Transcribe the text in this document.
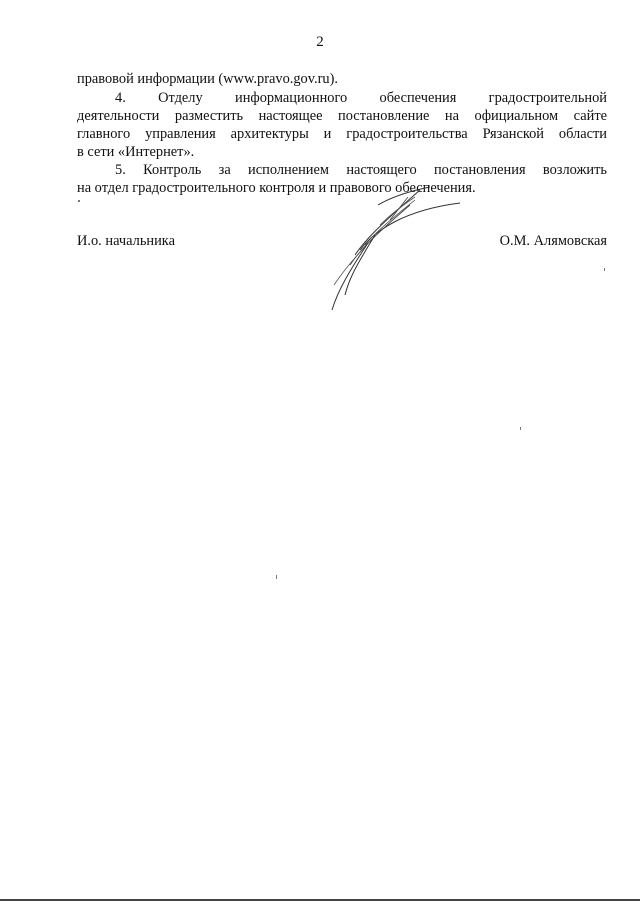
2
правовой информации (www.pravo.gov.ru).
4. Отделу информационного обеспечения градостроительной
деятельности разместить настоящее постановление на официальном сайте
главного управления архитектуры и градостроительства Рязанской области
в сети «Интернет».
5. Контроль за исполнением настоящего постановления возложить
на отдел градостроительного контроля и правового обеспечения.
И.о. начальника	О.М. Алямовская
